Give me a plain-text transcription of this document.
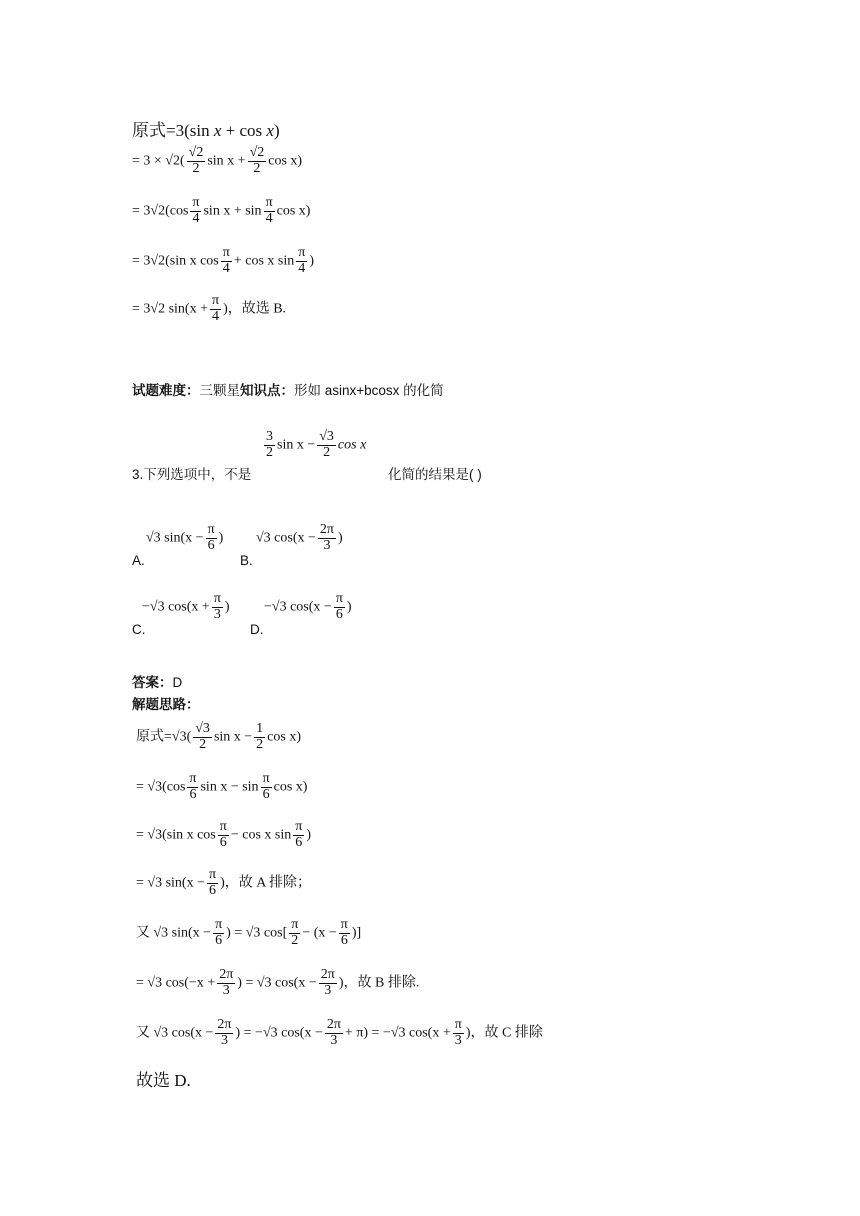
原式=3(sin x + cos x)
= $3 \times √2( \frac{√2}{2}$ $\sin x + \frac{√2}{2}$ cos x)
= $3√2(\cos \frac{\pi}{4}$ $\sin x + \sin \frac{\pi}{4}$ cos x)
= 3√2(sin x $\cos \frac{\pi}{4} + \cos x$ $\sin \frac{\pi}{4}$ )
= 3√2 $\sin(x + \frac{\pi}{4}$ )，故选 B.
试题难度：三颗星知识点：形如 asinx+bcosx 的化简
3.下列选项中，不是
$\frac{3}{2}$ $\sin x - \frac{√3}{2}$ cos x
化简的结果是( )
A.
√3 $\sin(x - \frac{\pi}{6}$ )
B.
√3 $\cos(x - \frac{2\pi}{3}$ )
C.
−√3 $\cos(x + \frac{\pi}{3}$ )
D.
−√3 $\cos(x - \frac{\pi}{6}$ )
答案：D
解题思路：
原式$=√3( \frac{√3}{2}$ $\sin x - \frac{1}{2}$ cos x)
= $√3(\cos \frac{\pi}{6}$ $\sin x - \sin \frac{\pi}{6}$ cos x)
= √3(sin x $\cos \frac{\pi}{6} - \cos x$ $\sin \frac{\pi}{6}$ )
= √3 $\sin(x - \frac{\pi}{6}$ )，故 A 排除；
又 √3 $\sin(x - \frac{\pi}{6}$ ) = √3 $\cos[ \frac{\pi}{2} - (x - \frac{\pi}{6}$ )]
= √3 $\cos(-x + \frac{2\pi}{3}$ ) = √3 $\cos(x - \frac{2\pi}{3}$ )，故 B 排除.
又 √3 $\cos(x - \frac{2\pi}{3}$ ) = −√3 $\cos(x - \frac{2\pi}{3} + \pi) = -√3$ $\cos(x + \frac{\pi}{3}$ )，故 C 排除
故选 D.
